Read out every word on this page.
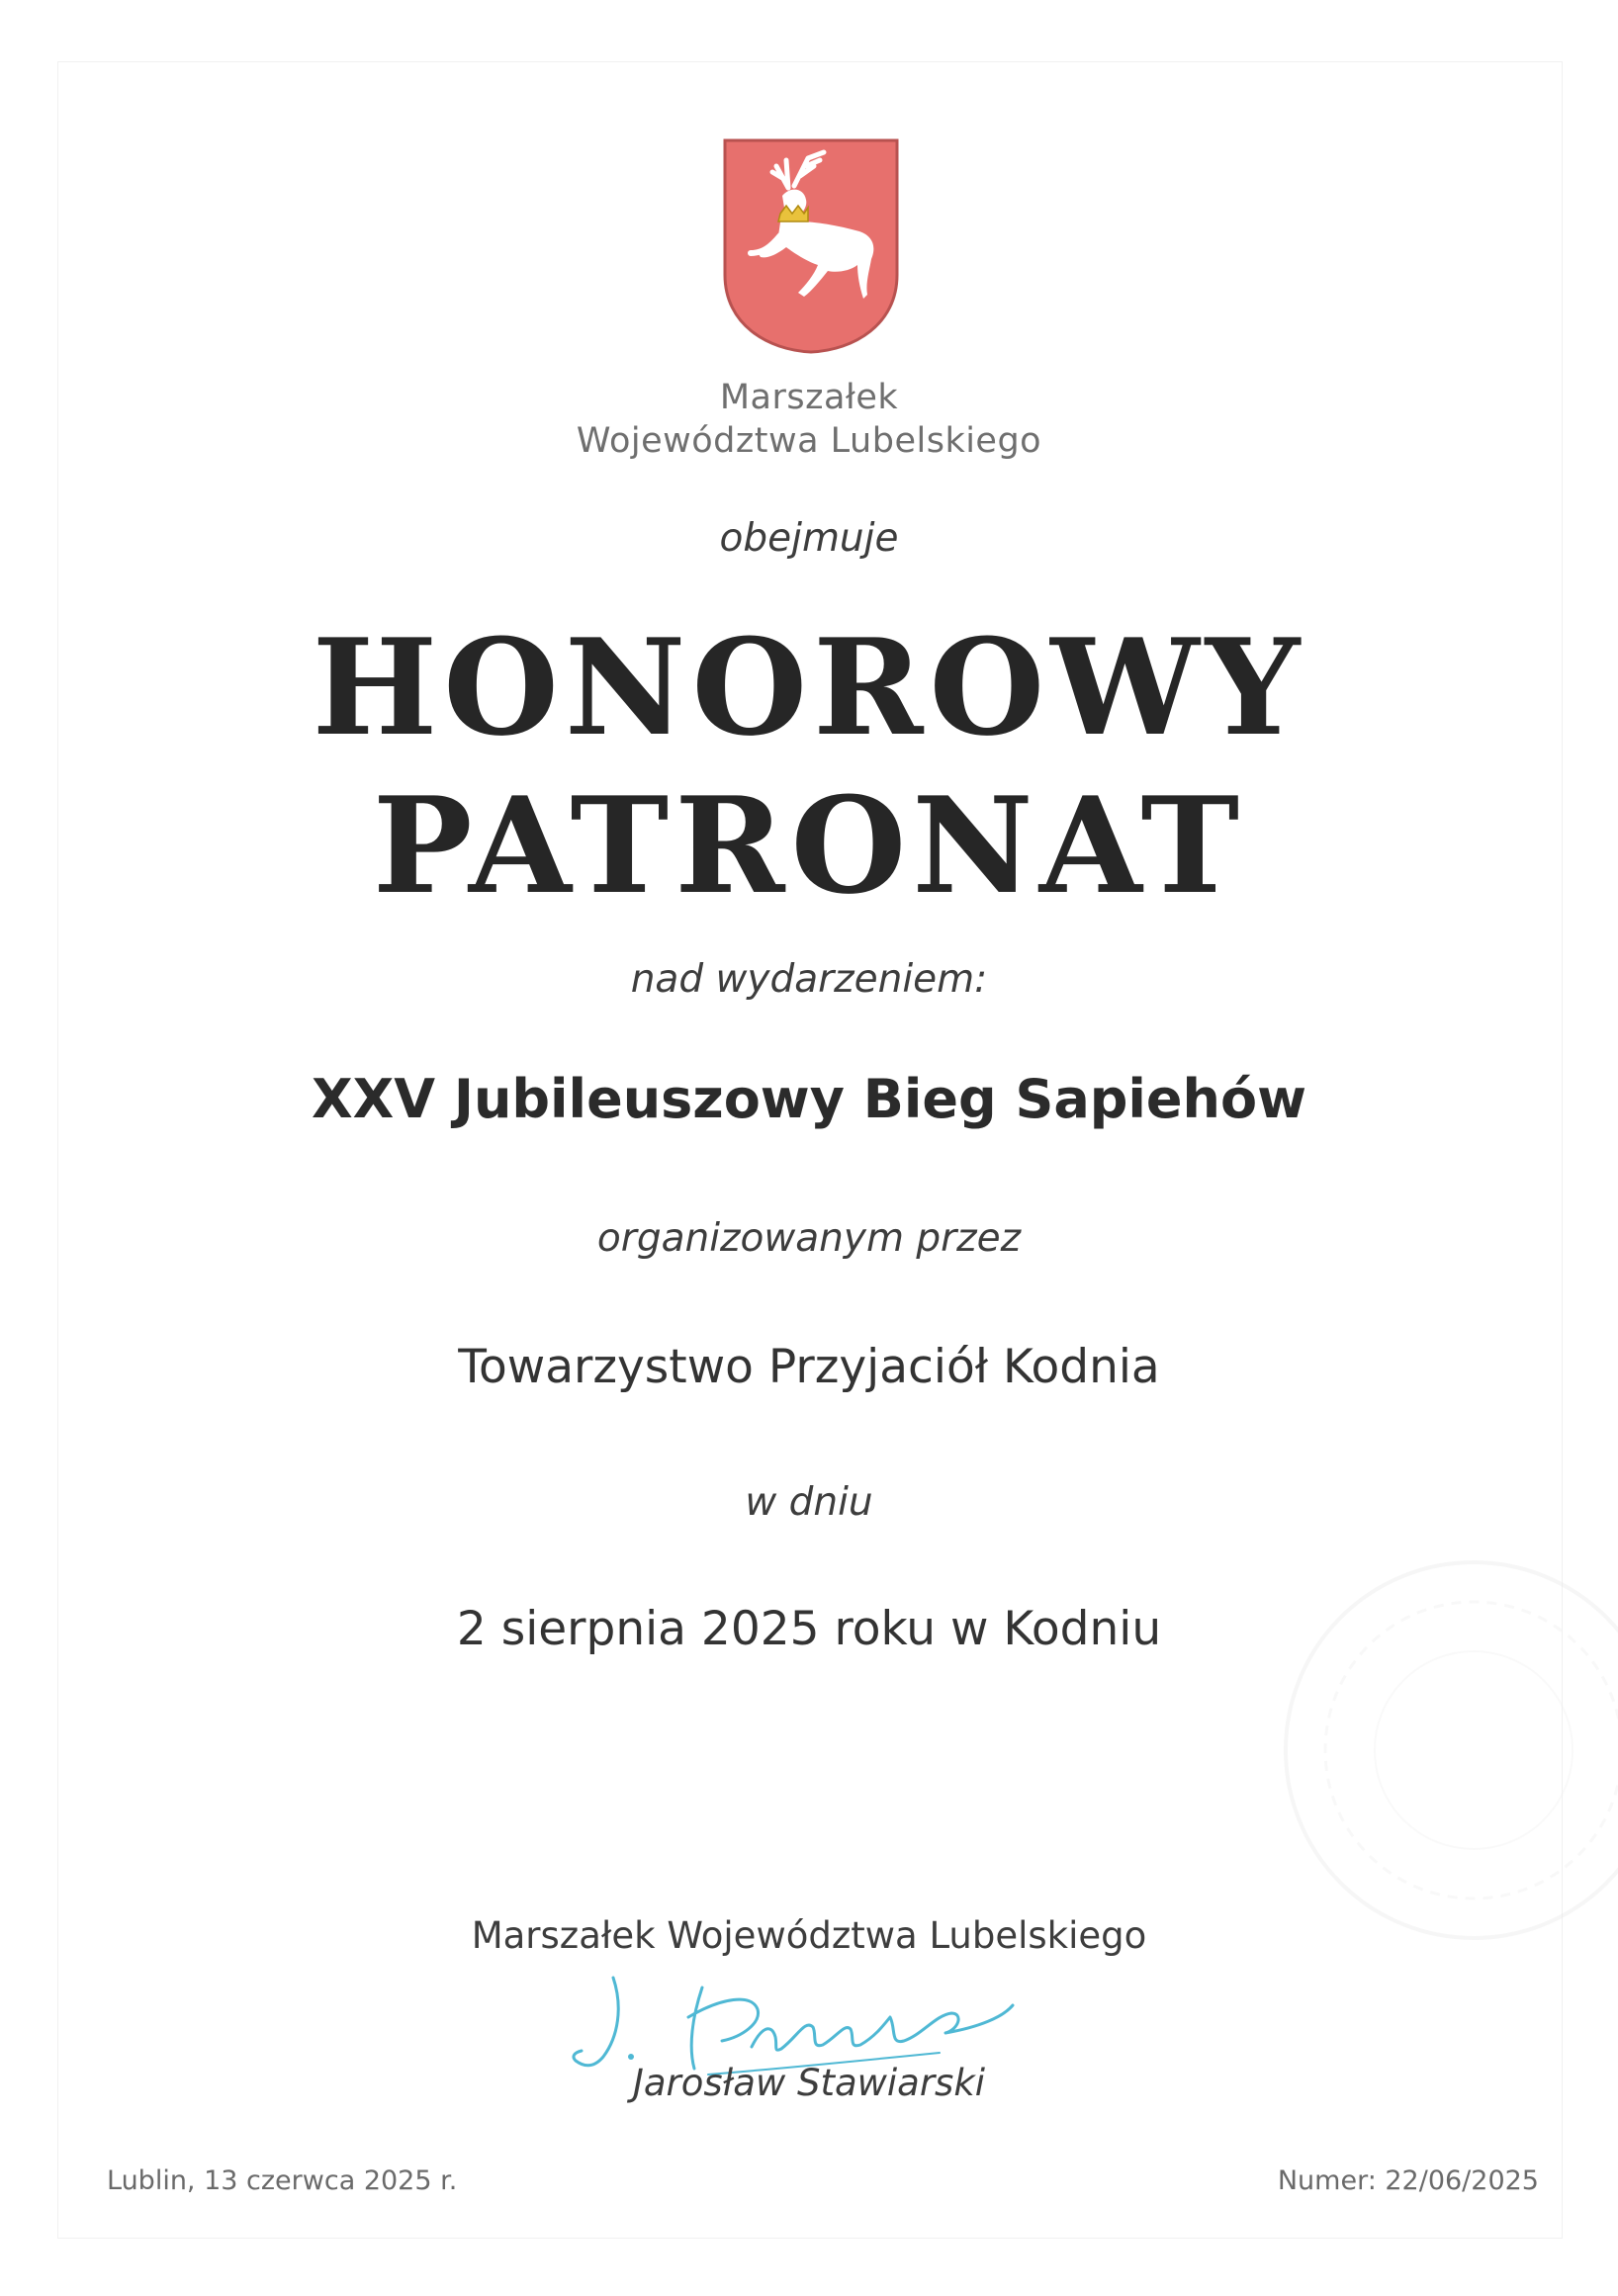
Marszałek
Województwa Lubelskiego
obejmuje
HONOROWY
PATRONAT
nad wydarzeniem:
XXV Jubileuszowy Bieg Sapiehów
organizowanym przez
Towarzystwo Przyjaciół Kodnia
w dniu
2 sierpnia 2025 roku w Kodniu
Marszałek Województwa Lubelskiego
Jarosław Stawiarski
Lublin, 13 czerwca 2025 r.	Numer: 22/06/2025
